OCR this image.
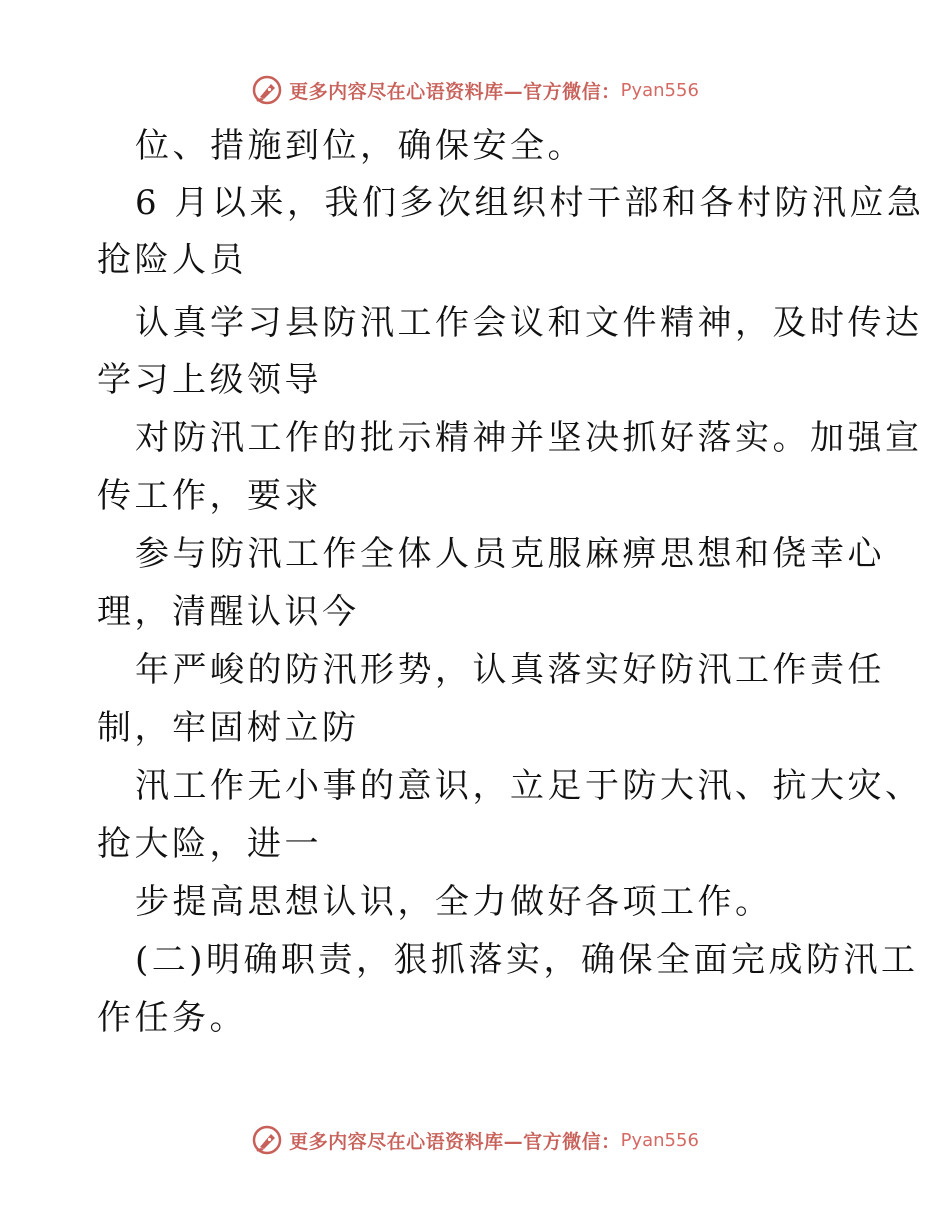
更多内容尽在心语资料库—官方微信： Pyan556
位、措施到位，确保安全。
6 月以来，我们多次组织村干部和各村防汛应急
抢险人员
认真学习县防汛工作会议和文件精神，及时传达
学习上级领导
对防汛工作的批示精神并坚决抓好落实。加强宣
传工作，要求
参与防汛工作全体人员克服麻痹思想和侥幸心
理，清醒认识今
年严峻的防汛形势，认真落实好防汛工作责任
制，牢固树立防
汛工作无小事的意识，立足于防大汛、抗大灾、
抢大险，进一
步提高思想认识，全力做好各项工作。
(二)明确职责，狠抓落实，确保全面完成防汛工
作任务。
更多内容尽在心语资料库—官方微信： Pyan556
